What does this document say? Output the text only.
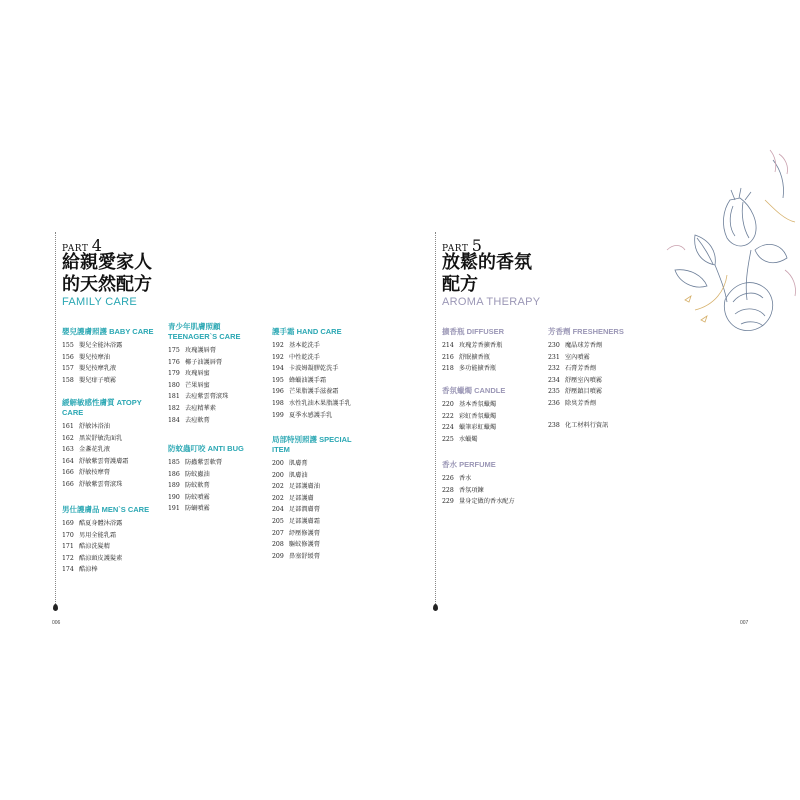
PART 4
給親愛家人
的天然配方
FAMILY CARE
嬰兒護膚照護 BABY CARE
155 嬰兒全能沐浴露
156 嬰兒按摩油
157 嬰兒按摩乳液
158 嬰兒痱子噴霧
緩解敏感性膚質 ATOPY CARE
161 舒敏沐浴油
162 黑炭舒敏洗面乳
163 金盞花乳液
164 舒敏紫雲膏護膚霜
166 舒敏按摩膏
166 舒敏紫雲膏滾珠
男仕護膚品 MEN`S CARE
169 酷夏身體沐浴露
170 男用全能乳霜
171 酷涼洗髮精
172 酷涼頭皮護髮素
174 酷涼棒
青少年肌膚照顧 TEENAGER`S CARE
175 玫瑰護唇膏
176 椰子油護唇膏
179 玫瑰唇蜜
180 芒果唇蜜
181 去痘紫雲膏滾珠
182 去痘精華素
184 去痘軟膏
防蚊蟲叮咬 ANTI BUG
185 防蟲紫雲軟膏
186 防蚊蟲油
189 防蚊軟膏
190 防蚊噴霧
191 防蝸噴霧
護手霜 HAND CARE
192 基本乾洗手
192 中性乾洗手
194 卡波姆凝膠乾洗手
195 蜂蠟油護手霜
196 芒果脂護手滋養霜
198 水性乳油木果脂護手乳
199 夏季水感護手乳
局部特別照護 SPECIAL ITEM
200 肌膚膏
200 肌膚油
202 足部護膚油
202 足部護膚
204 足部潤膚膏
205 足部護膚霜
207 紓壓修護膏
208 驅蚊修護膏
209 鼻塞舒緩膏
006
PART 5
放鬆的香氛
配方
AROMA THERAPY
擴香瓶 DIFFUSER
214 玫瑰芳香擴香瓶
216 舒眠擴香瓶
218 多功能擴香瓶
香氛蠟燭 CANDLE
220 基本香氛蠟燭
222 彩虹香氛蠟燭
224 蠟筆彩虹蠟燭
225 水蠟燭
香水 PERFUME
226 香水
228 香氛項鍊
229 量身定做的香水配方
芳香劑 FRESHENERS
230 魔晶球芳香劑
231 室內噴霧
232 石膏芳香劑
234 舒壓室內噴霧
235 舒壓鎮目噴霧
236 除臭芳香劑
238 化工材料行資訊
007
